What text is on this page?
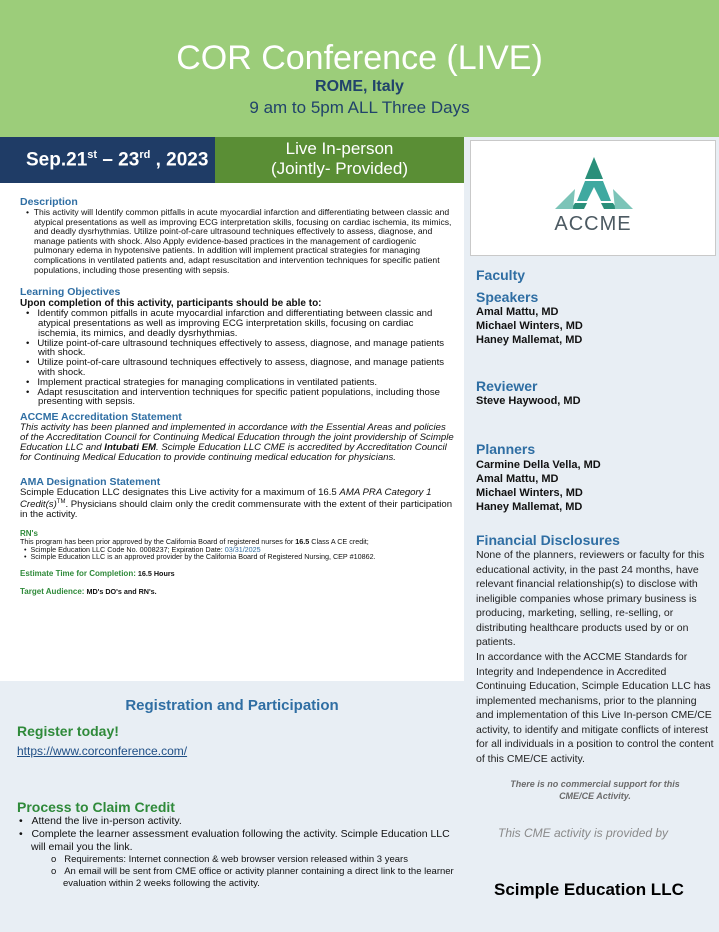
COR Conference (LIVE)
ROME, Italy
9 am to 5pm ALL Three Days
Sep.21st – 23rd , 2023
Live In-person
(Jointly- Provided)
ACCME
Faculty
Speakers
Amal Mattu, MD
Michael Winters, MD
Haney Mallemat, MD
Reviewer
Steve Haywood, MD
Planners
Carmine Della Vella, MD
Amal Mattu, MD
Michael Winters, MD
Haney Mallemat, MD
Financial Disclosures
None of the planners, reviewers or faculty for this educational activity, in the past 24 months, have relevant financial relationship(s) to disclose with ineligible companies whose primary business is producing, marketing, selling, re-selling, or distributing healthcare products used by or on patients.
In accordance with the ACCME Standards for Integrity and Independence in Accredited Continuing Education, Scimple Education LLC has implemented mechanisms, prior to the planning and implementation of this Live In-person CME/CE activity, to identify and mitigate conflicts of interest for all individuals in a position to control the content of this CME/CE activity.
There is no commercial support for this CME/CE Activity.
This CME activity is provided by
Scimple Education LLC
Description
•  This activity will Identify common pitfalls in acute myocardial infarction and differentiating between classic and atypical presentations as well as improving ECG interpretation skills, focusing on cardiac ischemia, its mimics, and deadly dysrhythmias. Utilize point-of-care ultrasound techniques effectively to assess, diagnose, and manage patients with shock. Also Apply evidence-based practices in the management of cardiogenic pulmonary edema in hypotensive patients. In addition will implement practical strategies for managing complications in ventilated patients and, adapt resuscitation and intervention techniques for specific patient populations, including those presenting with sepsis.
Learning Objectives
Upon completion of this activity, participants should be able to:
•   Identify common pitfalls in acute myocardial infarction and differentiating between classic and atypical presentations as well as improving ECG interpretation skills, focusing on cardiac ischemia, its mimics, and deadly dysrhythmias.
•   Utilize point-of-care ultrasound techniques effectively to assess, diagnose, and manage patients with shock.
•   Utilize point-of-care ultrasound techniques effectively to assess, diagnose, and manage patients with shock.
•   Implement practical strategies for managing complications in ventilated patients.
•   Adapt resuscitation and intervention techniques for specific patient populations, including those presenting with sepsis.
ACCME Accreditation Statement
This activity has been planned and implemented in accordance with the Essential Areas and policies of the Accreditation Council for Continuing Medical Education through the joint providership of Scimple Education LLC and Intubati EM. Scimple Education LLC CME is accredited by Accreditation Council for Continuing Medical Education to provide continuing medical education for physicians.
AMA Designation Statement
Scimple Education LLC designates this Live activity for a maximum of 16.5 AMA PRA Category 1 Credit(s)™. Physicians should claim only the credit commensurate with the extent of their participation in the activity.
RN's
This program has been prior approved by the California Board of registered nurses for 16.5 Class A CE credit;
•  Scimple Education LLC Code No. 0008237; Expiration Date: 03/31/2025
•  Scimple Education LLC is an approved provider by the California Board of Registered Nursing, CEP #10862.
Estimate Time for Completion: 16.5 Hours
Target Audience: MD's DO's and RN's.
Registration and Participation
Register today!
https://www.corconference.com/
Process to Claim Credit
•   Attend the live in-person activity.
•   Complete the learner assessment evaluation following the activity. Scimple Education LLC will email you the link.
o   Requirements: Internet connection & web browser version released within 3 years
o   An email will be sent from CME office or activity planner containing a direct link to the learner evaluation within 2 weeks following the activity.
